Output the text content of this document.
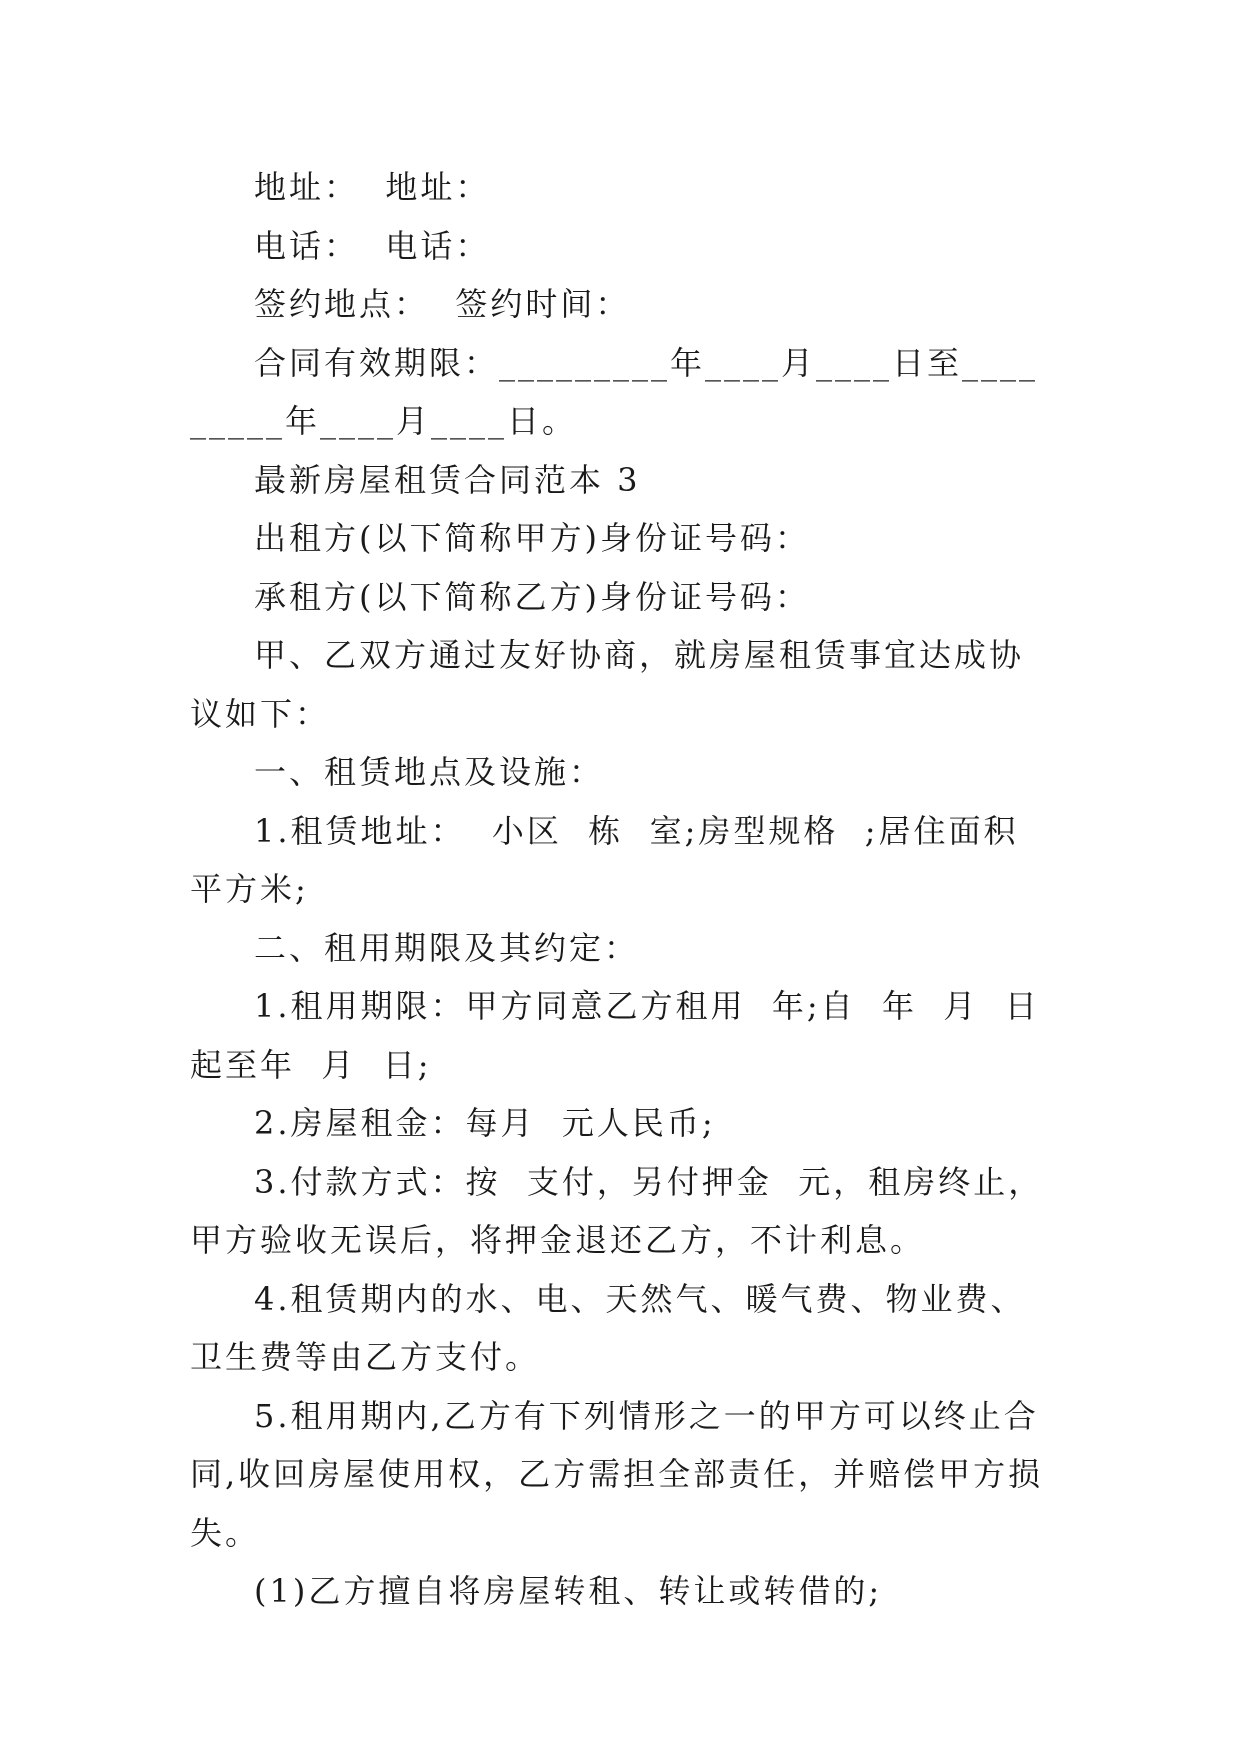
地址：  地址：

电话：  电话：

签约地点：  签约时间：

合同有效期限：_________年____月____日至_________年____月____日。

最新房屋租赁合同范本 3

出租方(以下简称甲方)身份证号码：

承租方(以下简称乙方)身份证号码：

甲、乙双方通过友好协商，就房屋租赁事宜达成协议如下：

一、租赁地点及设施：

1.租赁地址：  小区  栋  室;房型规格  ;居住面积平方米;

二、租用期限及其约定：

1.租用期限：甲方同意乙方租用  年;自  年  月  日起至年  月  日;

2.房屋租金：每月  元人民币;

3.付款方式：按  支付，另付押金  元，租房终止，甲方验收无误后，将押金退还乙方，不计利息。

4.租赁期内的水、电、天然气、暖气费、物业费、卫生费等由乙方支付。

5.租用期内,乙方有下列情形之一的甲方可以终止合同,收回房屋使用权，乙方需担全部责任，并赔偿甲方损失。

(1)乙方擅自将房屋转租、转让或转借的;
